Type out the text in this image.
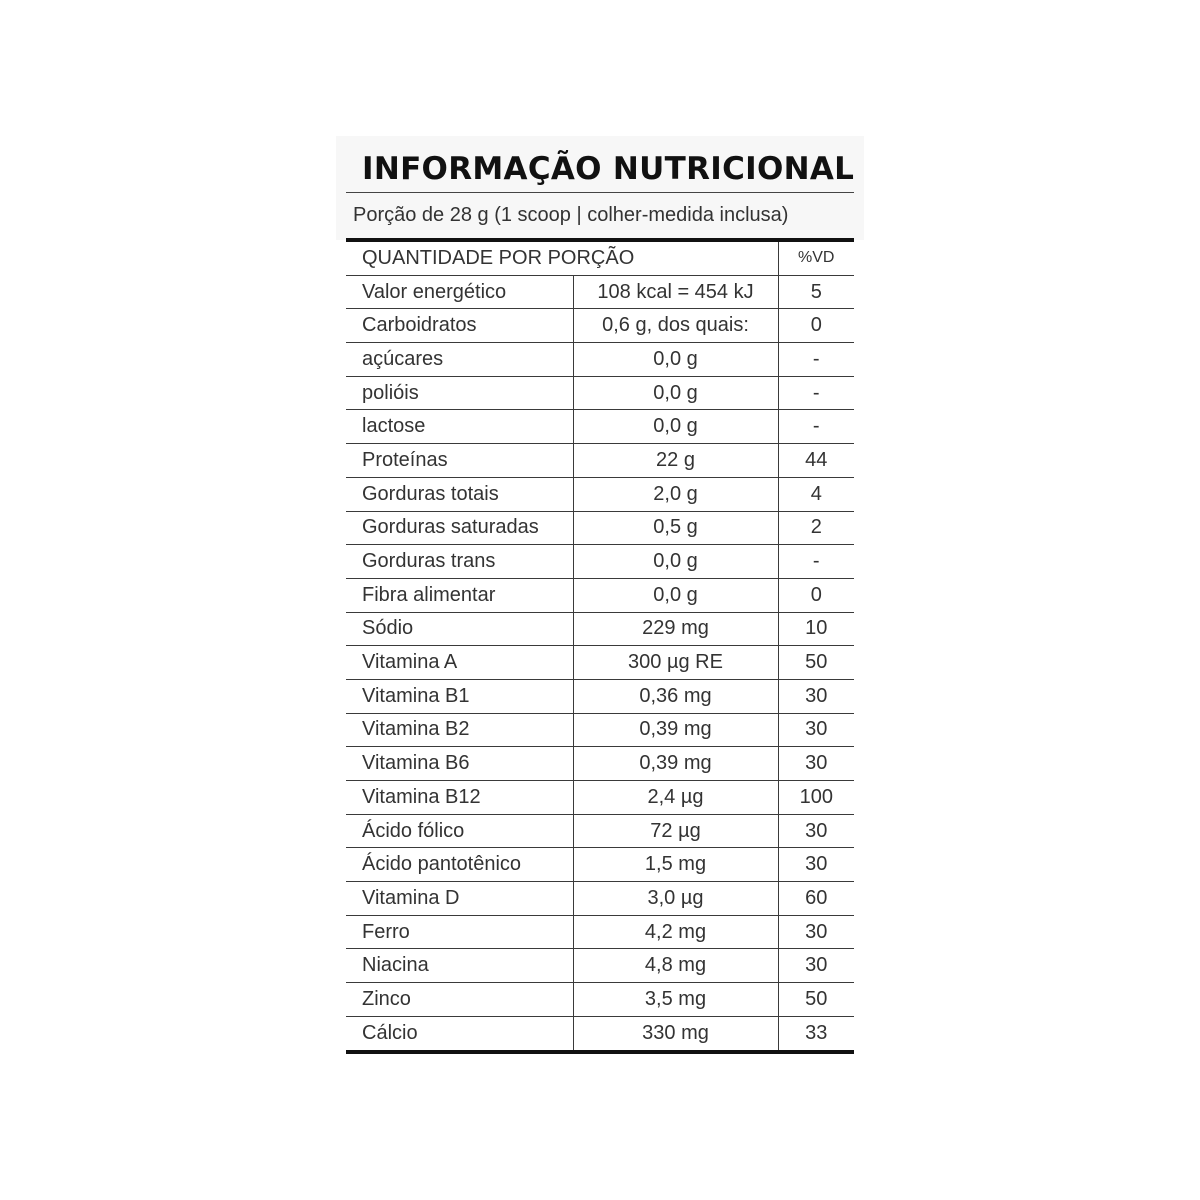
INFORMAÇÃO NUTRICIONAL
Porção de 28 g (1 scoop | colher-medida inclusa)
QUANTIDADE POR PORÇÃO		%VD
Valor energético	108 kcal = 454 kJ	5
Carboidratos	0,6 g, dos quais:	0
açúcares	0,0 g	-
polióis	0,0 g	-
lactose	0,0 g	-
Proteínas	22 g	44
Gorduras totais	2,0 g	4
Gorduras saturadas	0,5 g	2
Gorduras trans	0,0 g	-
Fibra alimentar	0,0 g	0
Sódio	229 mg	10
Vitamina A	300 µg RE	50
Vitamina B1	0,36 mg	30
Vitamina B2	0,39 mg	30
Vitamina B6	0,39 mg	30
Vitamina B12	2,4 µg	100
Ácido fólico	72 µg	30
Ácido pantotênico	1,5 mg	30
Vitamina D	3,0 µg	60
Ferro	4,2 mg	30
Niacina	4,8 mg	30
Zinco	3,5 mg	50
Cálcio	330 mg	33
